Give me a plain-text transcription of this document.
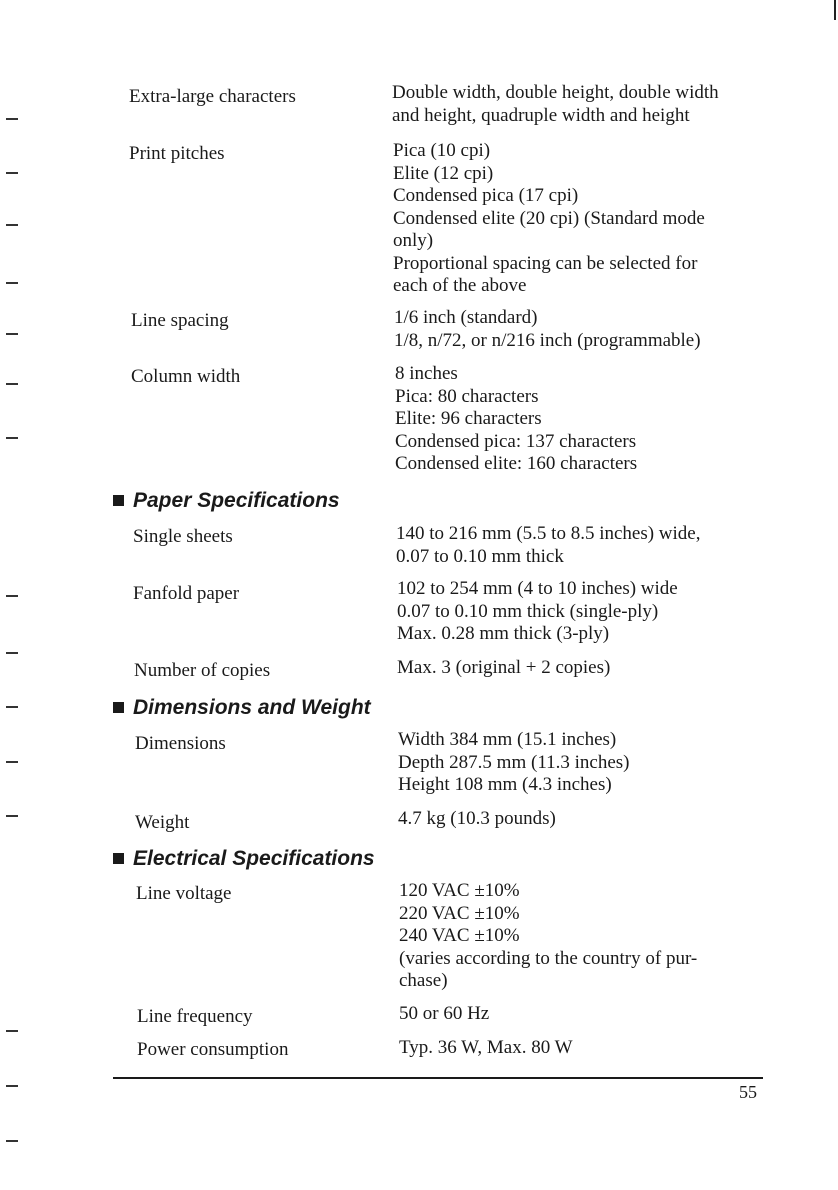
Extra-large characters	Double width, double height, double width
and height, quadruple width and height
Print pitches	Pica (10 cpi)
Elite (12 cpi)
Condensed pica (17 cpi)
Condensed elite (20 cpi) (Standard mode
only)
Proportional spacing can be selected for
each of the above
Line spacing	1/6 inch (standard)
1/8, n/72, or n/216 inch (programmable)
Column width	8 inches
Pica: 80 characters
Elite: 96 characters
Condensed pica: 137 characters
Condensed elite: 160 characters
Paper Specifications
Single sheets	140 to 216 mm (5.5 to 8.5 inches) wide,
0.07 to 0.10 mm thick
Fanfold paper	102 to 254 mm (4 to 10 inches) wide
0.07 to 0.10 mm thick (single-ply)
Max. 0.28 mm thick (3-ply)
Number of copies	Max. 3 (original + 2 copies)
Dimensions and Weight
Dimensions	Width 384 mm (15.1 inches)
Depth 287.5 mm (11.3 inches)
Height 108 mm (4.3 inches)
Weight	4.7 kg (10.3 pounds)
Electrical Specifications
Line voltage	120 VAC ±10%
220 VAC ±10%
240 VAC ±10%
(varies according to the country of pur-
chase)
Line frequency	50 or 60 Hz
Power consumption	Typ. 36 W, Max. 80 W
55
